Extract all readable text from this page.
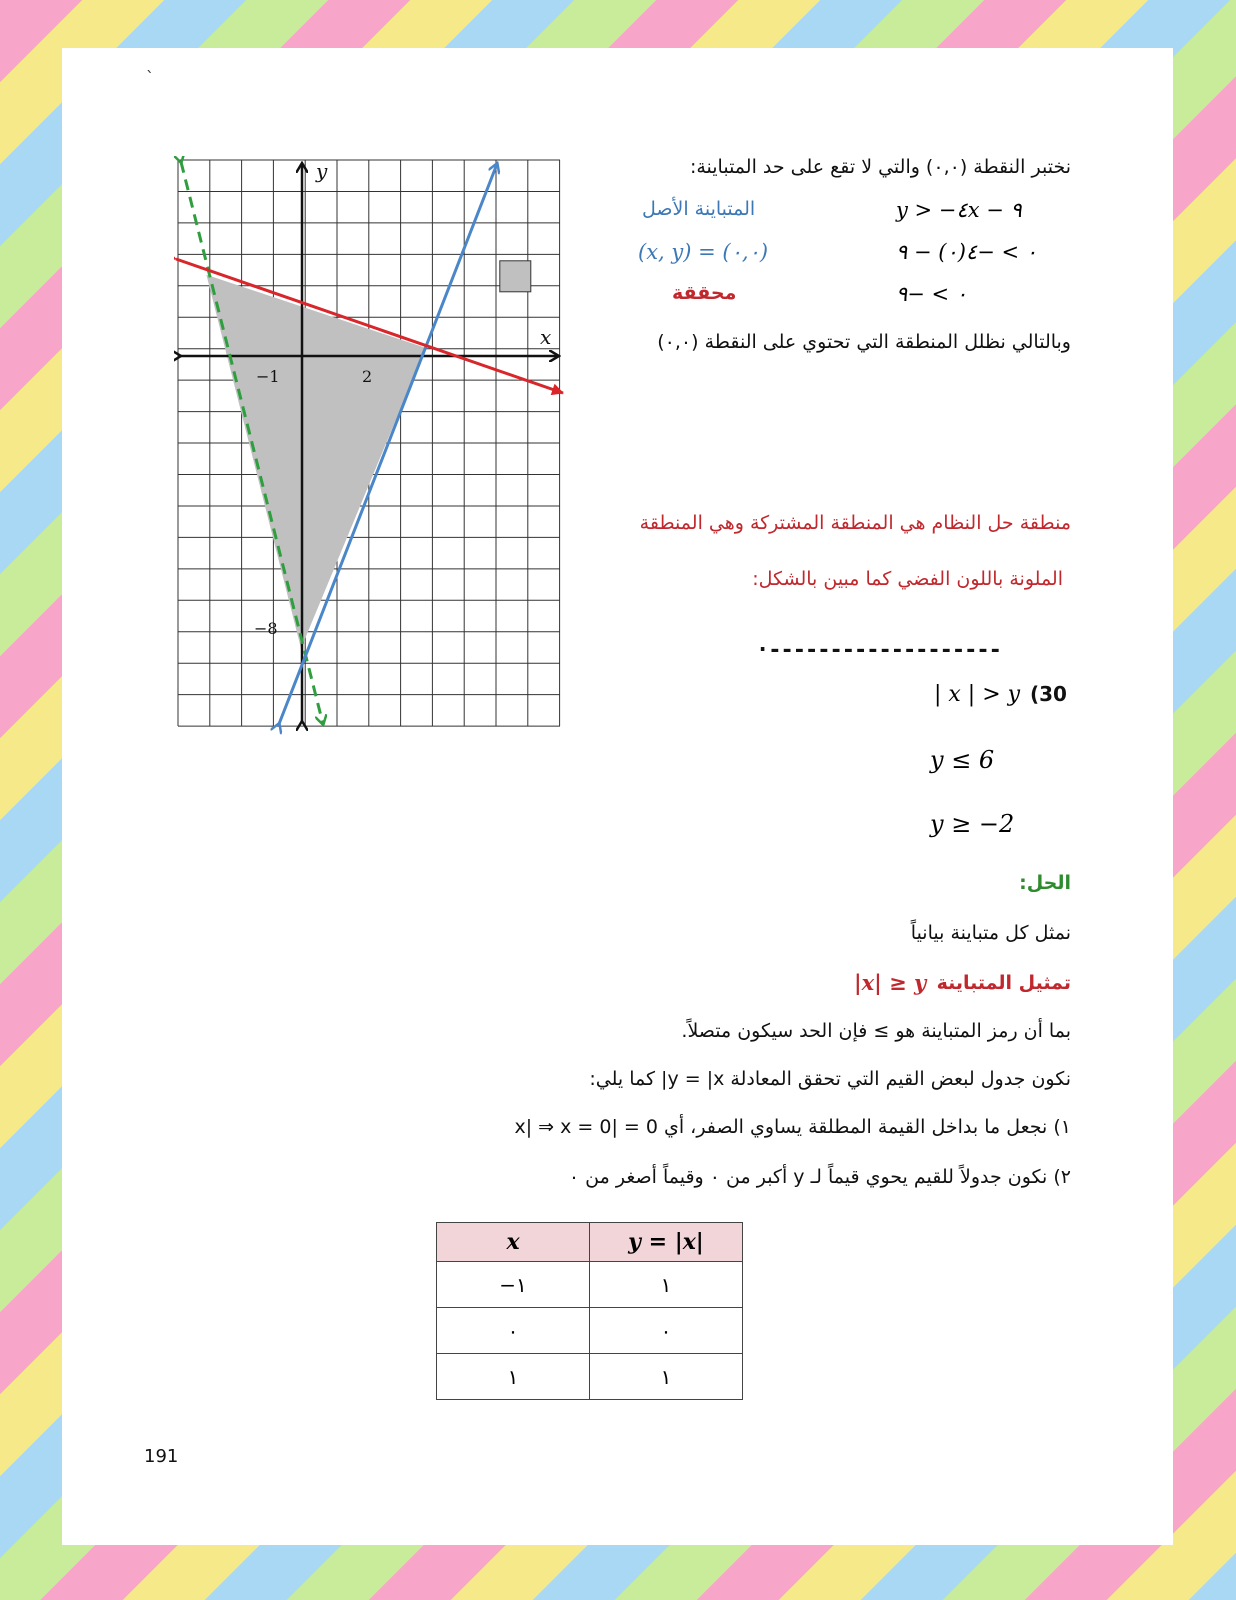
`
y
x
−1	2
−8
نختبر النقطة (٠,٠) والتي لا تقع على حد المتباينة:
y > −٤x − ٩
المتباينة الأصل
٠ > −٤(٠) − ٩
(x, y) = (٠,٠)
٠ > −٩
محققة
وبالتالي نظلل المنطقة التي تحتوي على النقطة (٠,٠)
منطقة حل النظام هي المنطقة المشتركة وهي المنطقة
الملونة باللون الفضي كما مبين بالشكل:
·-------------------
(30
| x | > y
y ≤ 6
y ≥ −2
الحل:
نمثل كل متباينة بيانياً
تمثيل المتباينة
|x| ≥ y
بما أن رمز المتباينة هو ≥ فإن الحد سيكون متصلاً.
نكون جدول لبعض القيم التي تحقق المعادلة y = |x| كما يلي:
١) نجعل ما بداخل القيمة المطلقة يساوي الصفر، أي 0 = |x| ⇒ x = 0
٢) نكون جدولاً للقيم يحوي قيماً لـ y أكبر من ٠ وقيماً أصغر من ٠
x	y = |x|
−١	١
٠	٠
١	١
191
